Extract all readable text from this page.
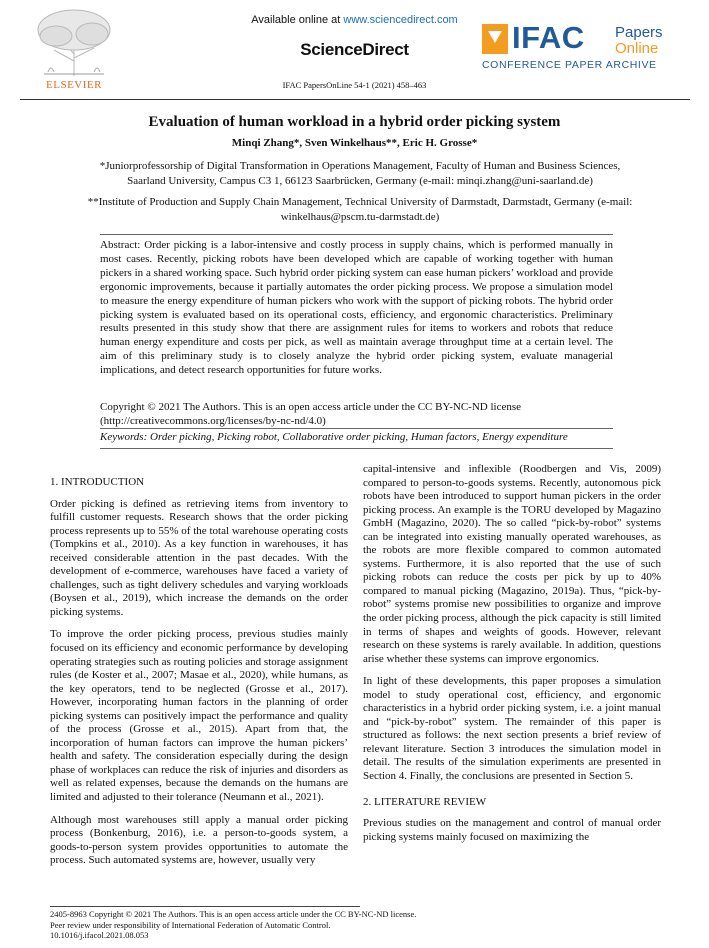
ELSEVIER
Available online at www.sciencedirect.com
ScienceDirect
IFAC PapersOnLine 54-1 (2021) 458–463
IFAC Papers
Online
CONFERENCE PAPER ARCHIVE
Evaluation of human workload in a hybrid order picking system
Minqi Zhang*, Sven Winkelhaus**, Eric H. Grosse*
*Juniorprofessorship of Digital Transformation in Operations Management, Faculty of Human and Business Sciences,
Saarland University, Campus C3 1, 66123 Saarbrücken, Germany (e-mail: minqi.zhang@uni-saarland.de)
**Institute of Production and Supply Chain Management, Technical University of Darmstadt, Darmstadt, Germany (e-mail:
winkelhaus@pscm.tu-darmstadt.de)
Abstract: Order picking is a labor-intensive and costly process in supply chains, which is performed manually in most cases. Recently, picking robots have been developed which are capable of working together with human pickers in a shared working space. Such hybrid order picking system can ease human pickers’ workload and provide ergonomic improvements, because it partially automates the order picking process. We propose a simulation model to measure the energy expenditure of human pickers who work with the support of picking robots. The hybrid order picking system is evaluated based on its operational costs, efficiency, and ergonomic characteristics. Preliminary results presented in this study show that there are assignment rules for items to workers and robots that reduce human energy expenditure and costs per pick, as well as maintain average throughput time at a certain level. The aim of this preliminary study is to closely analyze the hybrid order picking system, evaluate managerial implications, and detect research opportunities for future works.
Copyright © 2021 The Authors. This is an open access article under the CC BY-NC-ND license
(http://creativecommons.org/licenses/by-nc-nd/4.0)
Keywords: Order picking, Picking robot, Collaborative order picking, Human factors, Energy expenditure
1. INTRODUCTION

Order picking is defined as retrieving items from inventory to fulfill customer requests. Research shows that the order picking process represents up to 55% of the total warehouse operating costs (Tompkins et al., 2010). As a key function in warehouses, it has received considerable attention in the past decades. With the development of e-commerce, warehouses have faced a variety of challenges, such as tight delivery schedules and varying workloads (Boysen et al., 2019), which increase the demands on the order picking systems.

To improve the order picking process, previous studies mainly focused on its efficiency and economic performance by developing operating strategies such as routing policies and storage assignment rules (de Koster et al., 2007; Masae et al., 2020), while humans, as the key operators, tend to be neglected (Grosse et al., 2017). However, incorporating human factors in the planning of order picking systems can positively impact the performance and quality of the process (Grosse et al., 2015). Apart from that, the incorporation of human factors can improve the human pickers’ health and safety. The consideration especially during the design phase of workplaces can reduce the risk of injuries and disorders as well as related expenses, because the demands on the humans are limited and adjusted to their tolerance (Neumann et al., 2021).

Although most warehouses still apply a manual order picking process (Bonkenburg, 2016), i.e. a person-to-goods system, a goods-to-person system provides opportunities to automate the process. Such automated systems are, however, usually very

capital-intensive and inflexible (Roodbergen and Vis, 2009) compared to person-to-goods systems. Recently, autonomous pick robots have been introduced to support human pickers in the order picking process. An example is the TORU developed by Magazino GmbH (Magazino, 2020). The so called “pick-by-robot” systems can be integrated into existing manually operated warehouses, as the robots are more flexible compared to common automated systems. Furthermore, it is also reported that the use of such picking robots can reduce the costs per pick by up to 40% compared to manual picking (Magazino, 2019a). Thus, “pick-by-robot” systems promise new possibilities to organize and improve the order picking process, although the pick capacity is still limited in terms of shapes and weights of goods. However, relevant research on these systems is rarely available. In addition, questions arise whether these systems can improve ergonomics.

In light of these developments, this paper proposes a simulation model to study operational cost, efficiency, and ergonomic characteristics in a hybrid order picking system, i.e. a joint manual and “pick-by-robot” system. The remainder of this paper is structured as follows: the next section presents a brief review of relevant literature. Section 3 introduces the simulation model in detail. The results of the simulation experiments are presented in Section 4. Finally, the conclusions are presented in Section 5.

2. LITERATURE REVIEW

Previous studies on the management and control of manual order picking systems mainly focused on maximizing the

2405-8963 Copyright © 2021 The Authors. This is an open access article under the CC BY-NC-ND license.
Peer review under responsibility of International Federation of Automatic Control.
10.1016/j.ifacol.2021.08.053
